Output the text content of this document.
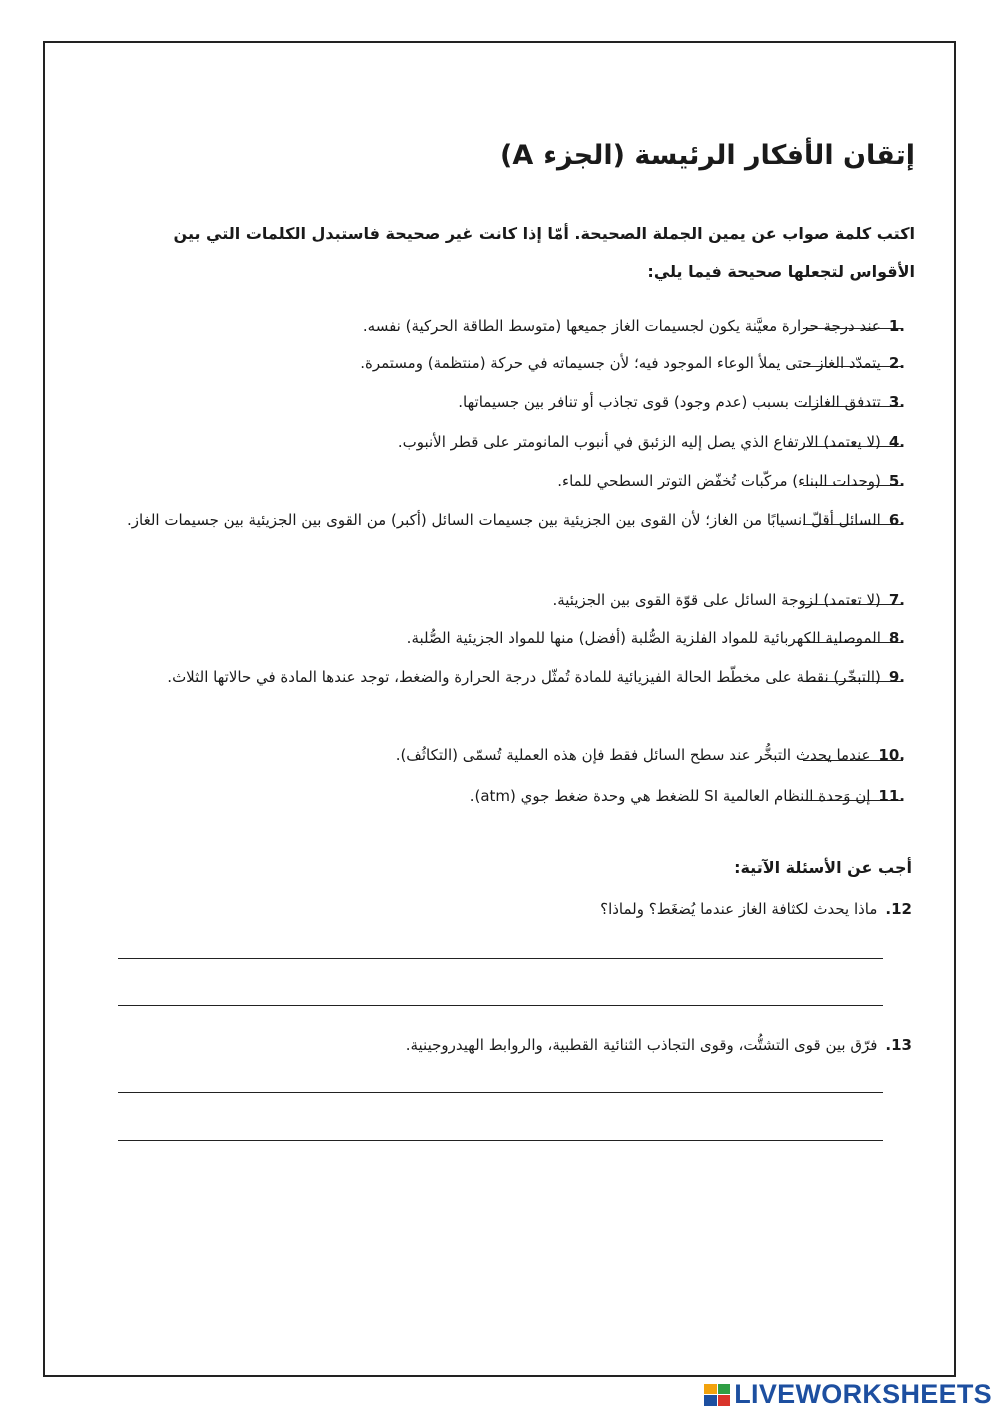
إتقان الأفكار الرئيسة (الجزء A)
اكتب كلمة صواب عن يمين الجملة الصحيحة. أمّا إذا كانت غير صحيحة فاستبدل الكلمات التي بين الأقواس لتجعلها صحيحة فيما يلي:
1.عند درجة حرارة معيَّنة يكون لجسيمات الغاز جميعها (متوسط الطاقة الحركية) نفسه.
2.يتمدّد الغاز حتى يملأ الوعاء الموجود فيه؛ لأن جسيماته في حركة (منتظمة) ومستمرة.
3.تتدفق الغازات بسبب (عدم وجود) قوى تجاذب أو تنافر بين جسيماتها.
4.(لا يعتمد) الارتفاع الذي يصل إليه الزئبق في أنبوب المانومتر على قطر الأنبوب.
5.(وحدات البناء) مركّبات تُخفّض التوتر السطحي للماء.
6.السائل أقلّ انسيابًا من الغاز؛ لأن القوى بين الجزيئية بين جسيمات السائل (أكبر) من القوى بين الجزيئية بين جسيمات الغاز.
7.(لا تعتمد) لزوجة السائل على قوّة القوى بين الجزيئية.
8.الموصلية الكهربائية للمواد الفلزية الصُّلبة (أفضل) منها للمواد الجزيئية الصُّلبة.
9.(التبخّر) نقطة على مخطّط الحالة الفيزيائية للمادة تُمثّل درجة الحرارة والضغط، توجد عندها المادة في حالاتها الثلاث.
10.عندما يحدث التبخُّر عند سطح السائل فقط فإن هذه العملية تُسمّى (التكاثُف).
11.إن وَحدة النظام العالمية SI للضغط هي وحدة ضغط جوي (atm).
أجب عن الأسئلة الآتية:
12.ماذا يحدث لكثافة الغاز عندما يُضغَط؟ ولماذا؟
13.فرّق بين قوى التشتُّت، وقوى التجاذب الثنائية القطبية، والروابط الهيدروجينية.
LIVEWORKSHEETS
